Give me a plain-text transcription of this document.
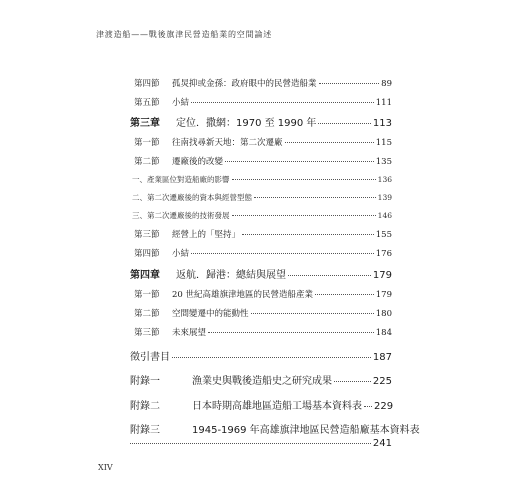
津渡造船——戰後旗津民營造船業的空間論述
第四節	孤炅抑或金孫：政府眼中的民營造船業	89
第五節	小結	111
第三章	定位．撒網：1970 至 1990 年	113
第一節	往南找尋新天地：第二次遷廠	115
第二節	遷廠後的改變	135
一、產業區位對造船廠的影響	136
二、第二次遷廠後的資本與經營型態	139
三、第二次遷廠後的技術發展	146
第三節	經營上的「堅持」	155
第四節	小結	176
第四章	返航．歸港：總結與展望	179
第一節	20 世紀高雄旗津地區的民營造船產業	179
第二節	空間變遷中的能動性	180
第三節	未來展望	184
徵引書目	187
附錄一	漁業史與戰後造船史之研究成果	225
附錄二	日本時期高雄地區造船工場基本資料表 229
附錄三	1945-1969 年高雄旗津地區民營造船廠基本資料表
241
XIV
